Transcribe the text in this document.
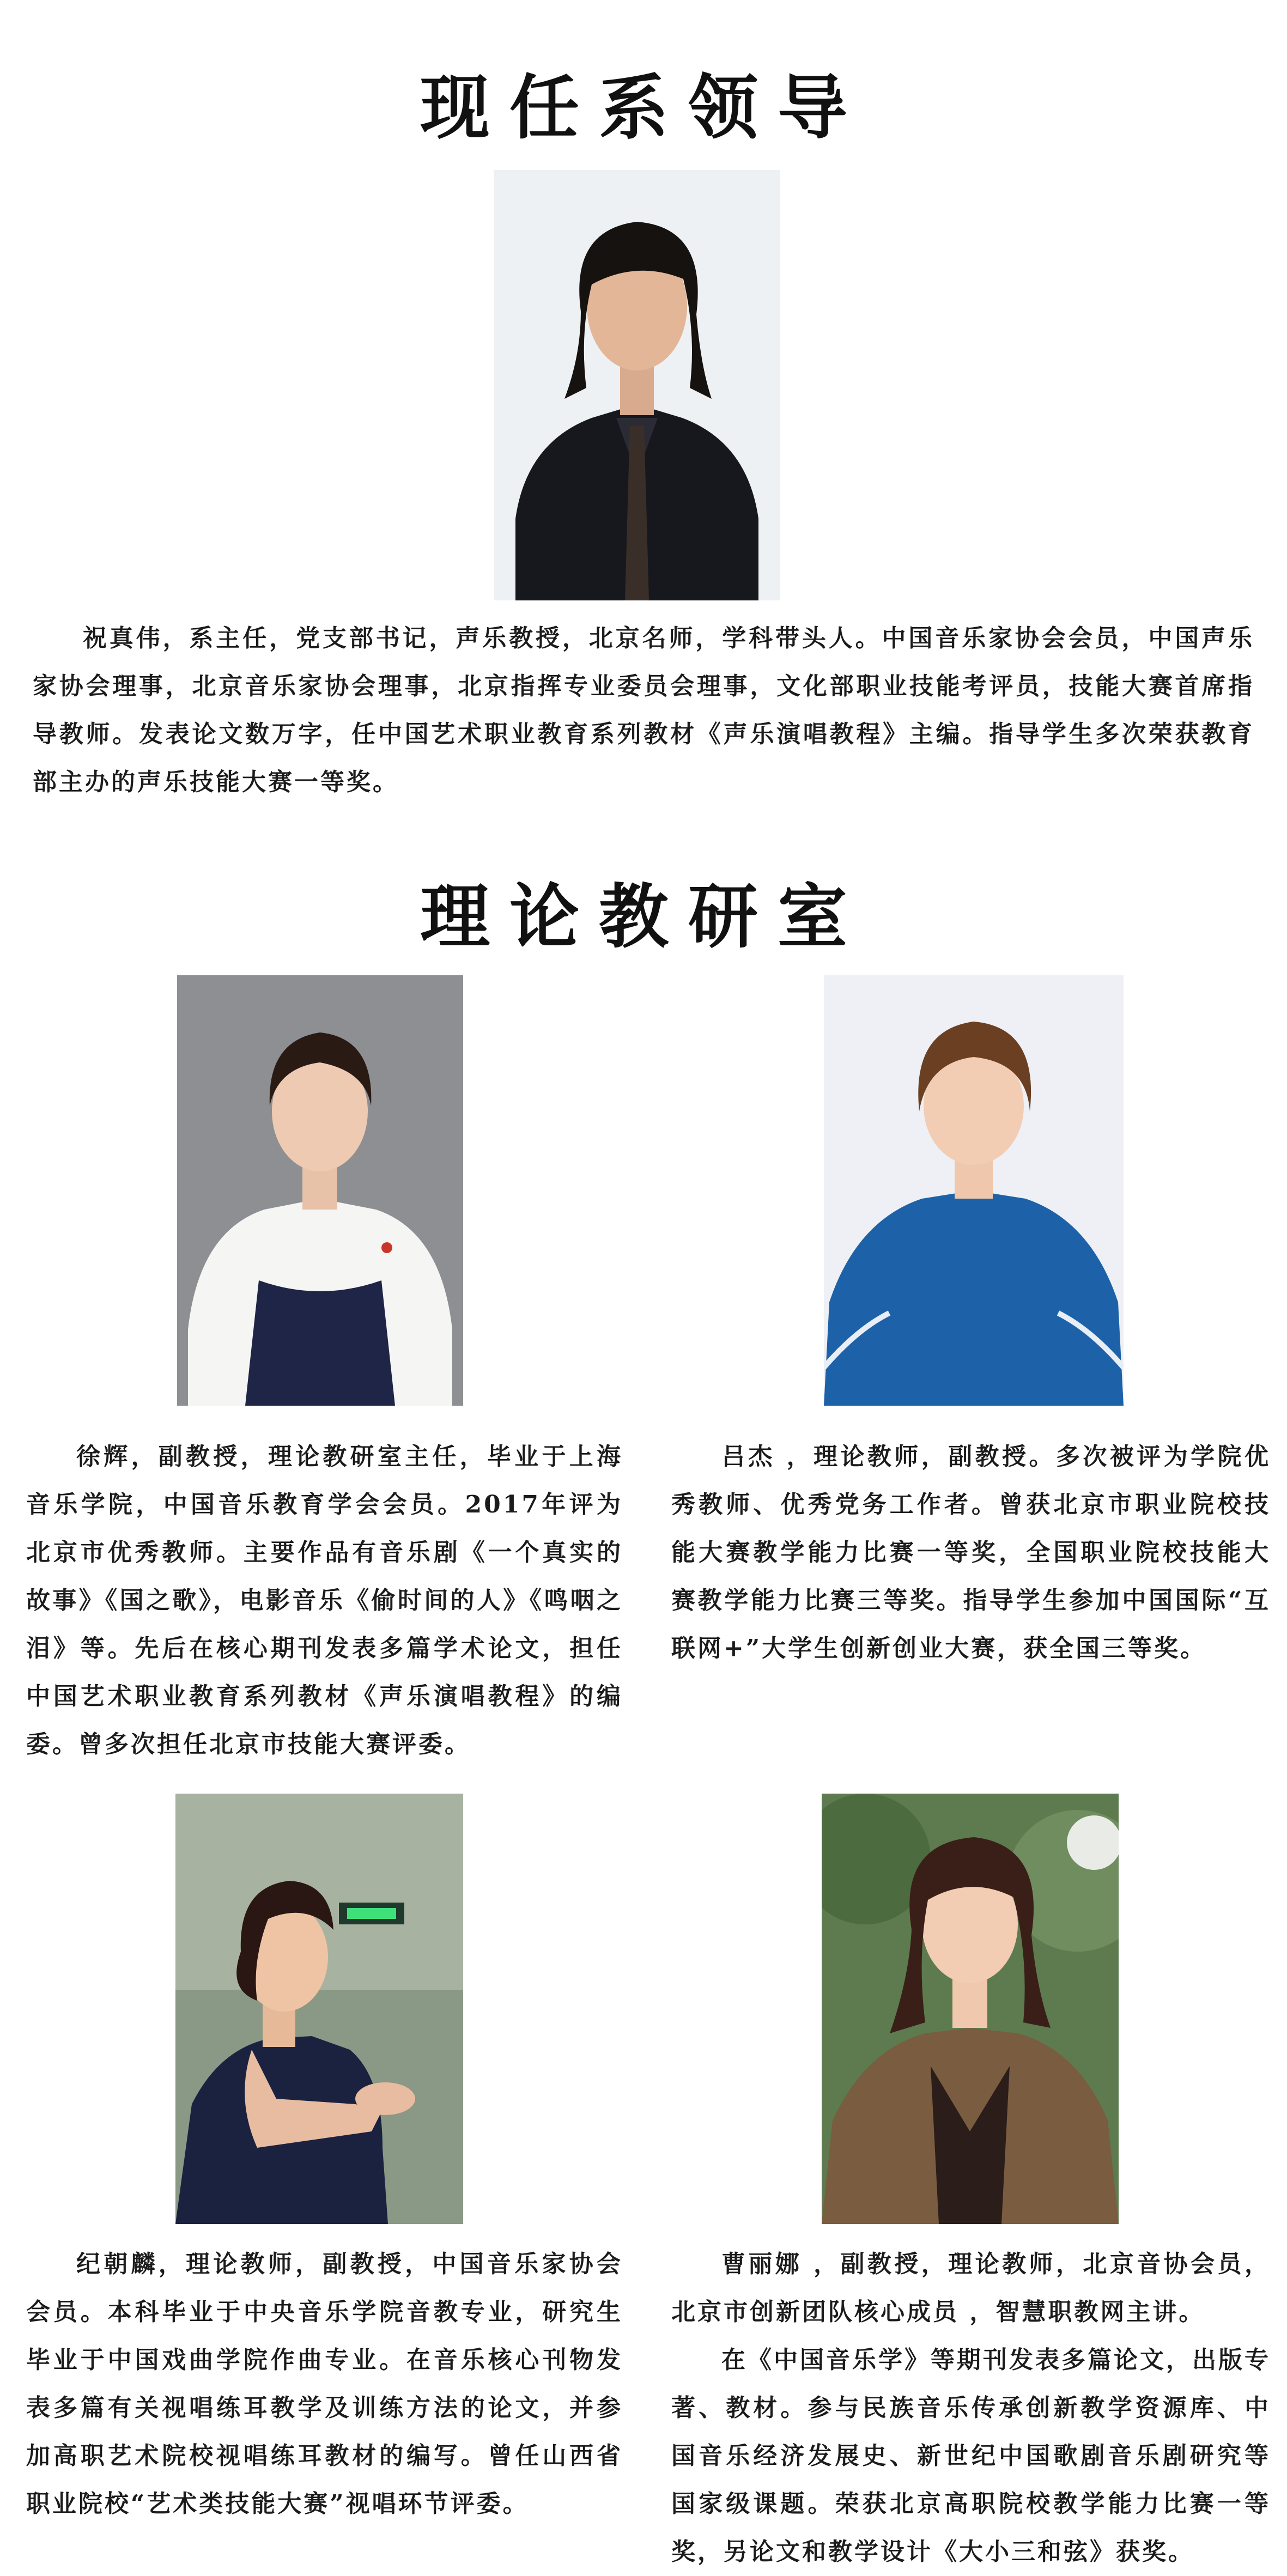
现任系领导

祝真伟，系主任，党支部书记，声乐教授，北京名师，学科带头人。中国音乐家协会会员，中国声乐家协会理事，北京音乐家协会理事，北京指挥专业委员会理事，文化部职业技能考评员，技能大赛首席指导教师。发表论文数万字，任中国艺术职业教育系列教材《声乐演唱教程》主编。指导学生多次荣获教育部主办的声乐技能大赛一等奖。

理论教研室

徐辉，副教授，理论教研室主任，毕业于上海音乐学院，中国音乐教育学会会员。2017年评为北京市优秀教师。主要作品有音乐剧《一个真实的故事》《国之歌》，电影音乐《偷时间的人》《鸣咽之泪》等。先后在核心期刊发表多篇学术论文，担任中国艺术职业教育系列教材《声乐演唱教程》的编委。曾多次担任北京市技能大赛评委。

吕杰 ，理论教师，副教授。多次被评为学院优秀教师、优秀党务工作者。曾获北京市职业院校技能大赛教学能力比赛一等奖，全国职业院校技能大赛教学能力比赛三等奖。指导学生参加中国国际“互联网+”大学生创新创业大赛，获全国三等奖。

纪朝麟，理论教师，副教授，中国音乐家协会会员。本科毕业于中央音乐学院音教专业，研究生毕业于中国戏曲学院作曲专业。在音乐核心刊物发表多篇有关视唱练耳教学及训练方法的论文，并参加高职艺术院校视唱练耳教材的编写。曾任山西省职业院校“艺术类技能大赛”视唱环节评委。

曹丽娜 ，副教授，理论教师，北京音协会员，北京市创新团队核心成员 ，智慧职教网主讲。

在《中国音乐学》等期刊发表多篇论文，出版专著、教材。参与民族音乐传承创新教学资源库、中国音乐经济发展史、新世纪中国歌剧音乐剧研究等国家级课题。荣获北京高职院校教学能力比赛一等奖，另论文和教学设计《大小三和弦》获奖。
